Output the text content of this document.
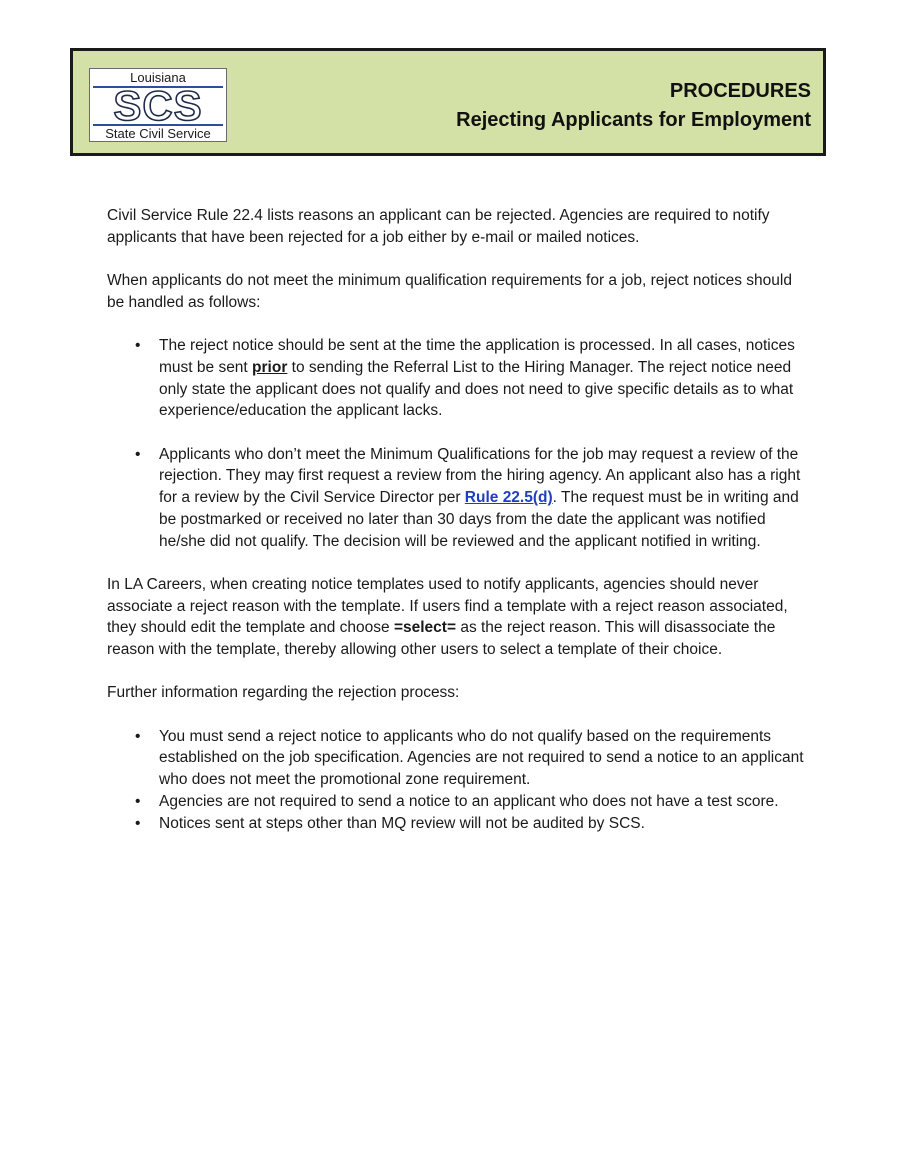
Louisiana
SCS
State Civil Service
PROCEDURES
Rejecting Applicants for Employment

Civil Service Rule 22.4 lists reasons an applicant can be rejected. Agencies are required to notify applicants that have been rejected for a job either by e-mail or mailed notices.

When applicants do not meet the minimum qualification requirements for a job, reject notices should be handled as follows:

• The reject notice should be sent at the time the application is processed. In all cases, notices must be sent prior to sending the Referral List to the Hiring Manager. The reject notice need only state the applicant does not qualify and does not need to give specific details as to what experience/education the applicant lacks.
• Applicants who don’t meet the Minimum Qualifications for the job may request a review of the rejection. They may first request a review from the hiring agency. An applicant also has a right for a review by the Civil Service Director per Rule 22.5(d). The request must be in writing and be postmarked or received no later than 30 days from the date the applicant was notified he/she did not qualify. The decision will be reviewed and the applicant notified in writing.

In LA Careers, when creating notice templates used to notify applicants, agencies should never associate a reject reason with the template. If users find a template with a reject reason associated, they should edit the template and choose =select= as the reject reason. This will disassociate the reason with the template, thereby allowing other users to select a template of their choice.

Further information regarding the rejection process:

• You must send a reject notice to applicants who do not qualify based on the requirements established on the job specification. Agencies are not required to send a notice to an applicant who does not meet the promotional zone requirement.
• Agencies are not required to send a notice to an applicant who does not have a test score.
• Notices sent at steps other than MQ review will not be audited by SCS.
